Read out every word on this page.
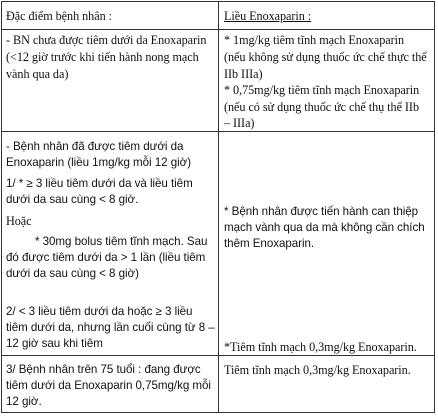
Đặc điểm bệnh nhân :	Liều Enoxaparin :
- BN chưa được tiêm dưới da Enoxaparin
(<12 giờ trước khi tiến hành nong mạch
vành qua da)
* 1mg/kg tiêm tĩnh mạch Enoxaparin
(nếu không sử dụng thuốc ức chế thực thể
IIb IIIa)
* 0,75mg/kg tiêm tĩnh mạch Enoxaparin
(nếu có sử dụng thuốc ức chế thụ thể IIb
– IIIa)
- Bệnh nhân đã được tiêm dưới da
Enoxaparin (liều 1mg/kg mỗi 12 giờ)
1/ * ≥ 3 liều tiêm dưới da và liều tiêm
dưới da sau cùng < 8 giờ.
Hoặc
* 30mg bolus tiêm tĩnh mạch. Sau
đó được tiêm dưới da > 1 lần (liều tiêm
dưới da sau cùng < 8 giờ)
2/ < 3 liều tiêm dưới da hoặc ≥ 3 liều
tiêm dưới da, nhưng lần cuối cùng từ 8 –
12 giờ sau khi tiêm
* Bệnh nhân được tiến hành can thiệp
mạch vành qua da mà không cần chích
thêm Enoxaparin.
*Tiêm tĩnh mạch 0,3mg/kg Enoxaparin.
3/ Bệnh nhân trên 75 tuổi : đang được
tiêm dưới da Enoxaparin 0,75mg/kg mỗi
12 giờ.
Tiêm tĩnh mạch 0,3mg/kg Enoxaparin.
